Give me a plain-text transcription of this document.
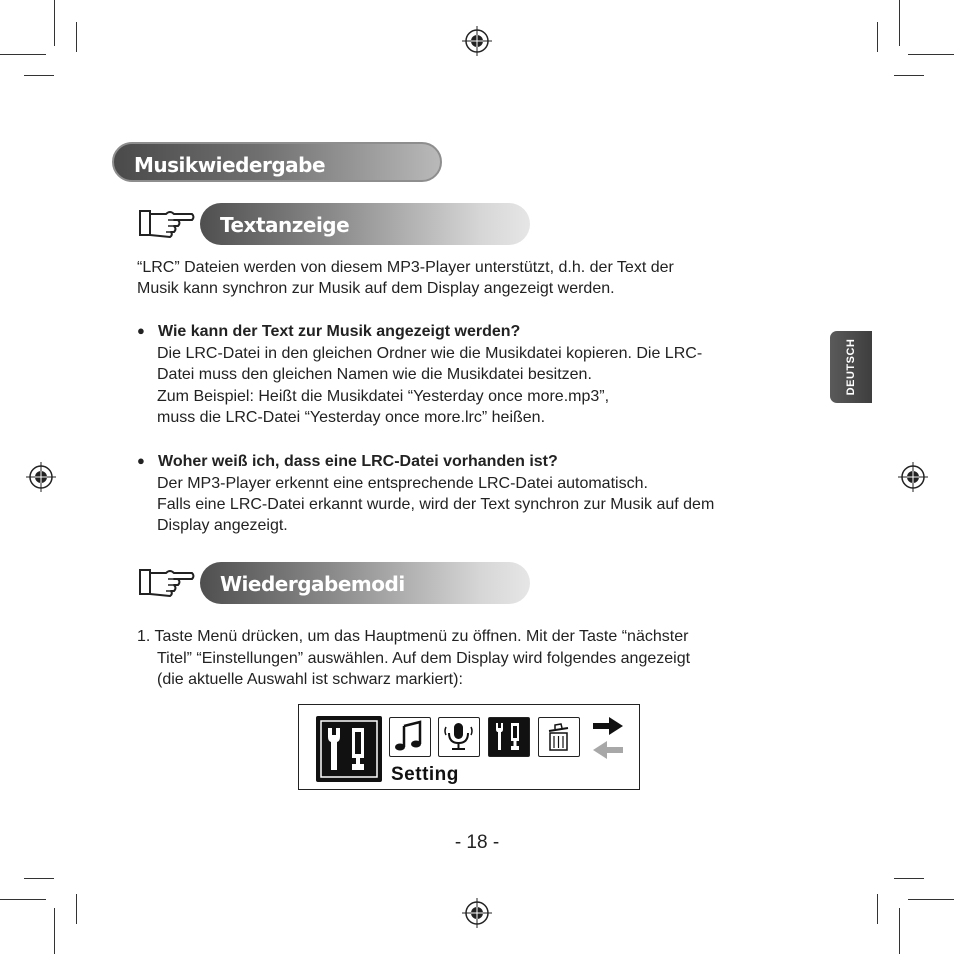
Musikwiedergabe
Textanzeige
“LRC” Dateien werden von diesem MP3-Player unterstützt, d.h. der Text der
Musik kann synchron zur Musik auf dem Display angezeigt werden.
● Wie kann der Text zur Musik angezeigt werden?
Die LRC-Datei in den gleichen Ordner wie die Musikdatei kopieren. Die LRC-
Datei muss den gleichen Namen wie die Musikdatei besitzen.
Zum Beispiel: Heißt die Musikdatei “Yesterday once more.mp3”,
muss die LRC-Datei “Yesterday once more.lrc” heißen.
● Woher weiß ich, dass eine LRC-Datei vorhanden ist?
Der MP3-Player erkennt eine entsprechende LRC-Datei automatisch.
Falls eine LRC-Datei erkannt wurde, wird der Text synchron zur Musik auf dem
Display angezeigt.
Wiedergabemodi
1. Taste Menü drücken, um das Hauptmenü zu öffnen. Mit der Taste “nächster
Titel” “Einstellungen” auswählen. Auf dem Display wird folgendes angezeigt
(die aktuelle Auswahl ist schwarz markiert):
Setting
DEUTSCH
- 18 -
